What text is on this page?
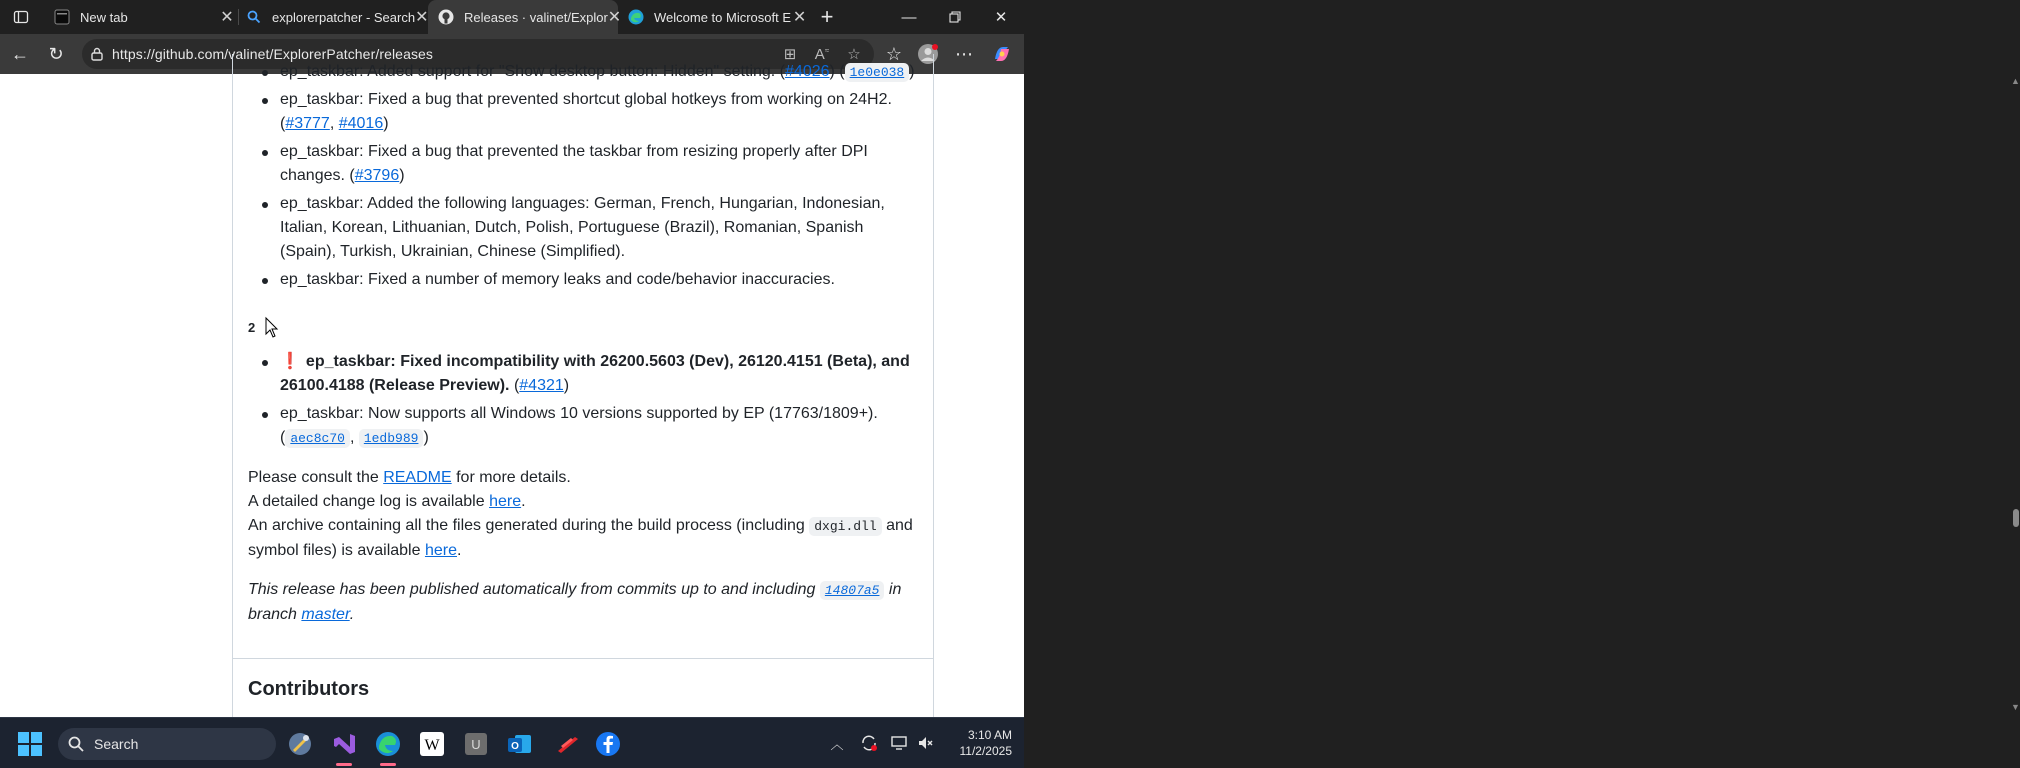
New tab	✕	explorerpatcher - Search ✕	Releases · valinet/Explor ✕	Welcome to Microsoft E ✕ +	—	✕
← ↻	https://github.com/valinet/ExplorerPatcher/releases	⊞	A≈	☆	☆	⋯
ep_taskbar: Added support for "Show desktop button: Hidden" setting. (#4026) ( 1e0e038 )
ep_taskbar: Fixed a bug that prevented shortcut global hotkeys from working on 24H2. (#3777, #4016)
ep_taskbar: Fixed a bug that prevented the taskbar from resizing properly after DPI changes. (#3796)
ep_taskbar: Added the following languages: German, French, Hungarian, Indonesian, Italian, Korean, Lithuanian, Dutch, Polish, Portuguese (Brazil), Romanian, Spanish (Spain), Turkish, Ukrainian, Chinese (Simplified).
ep_taskbar: Fixed a number of memory leaks and code/behavior inaccuracies.
2
❗ ep_taskbar: Fixed incompatibility with 26200.5603 (Dev), 26120.4151 (Beta), and 26100.4188 (Release Preview). (#4321)
ep_taskbar: Now supports all Windows 10 versions supported by EP (17763/1809+). ( aec8c70 , 1edb989 )
Please consult the README for more details.
A detailed change log is available here.
An archive containing all the files generated during the build process (including dxgi.dll and symbol files) is available here.
This release has been published automatically from commits up to and including 14807a5 in branch master.
Contributors
▲
▼
Search	W U	O	︿
3:10 AM
11/2/2025
